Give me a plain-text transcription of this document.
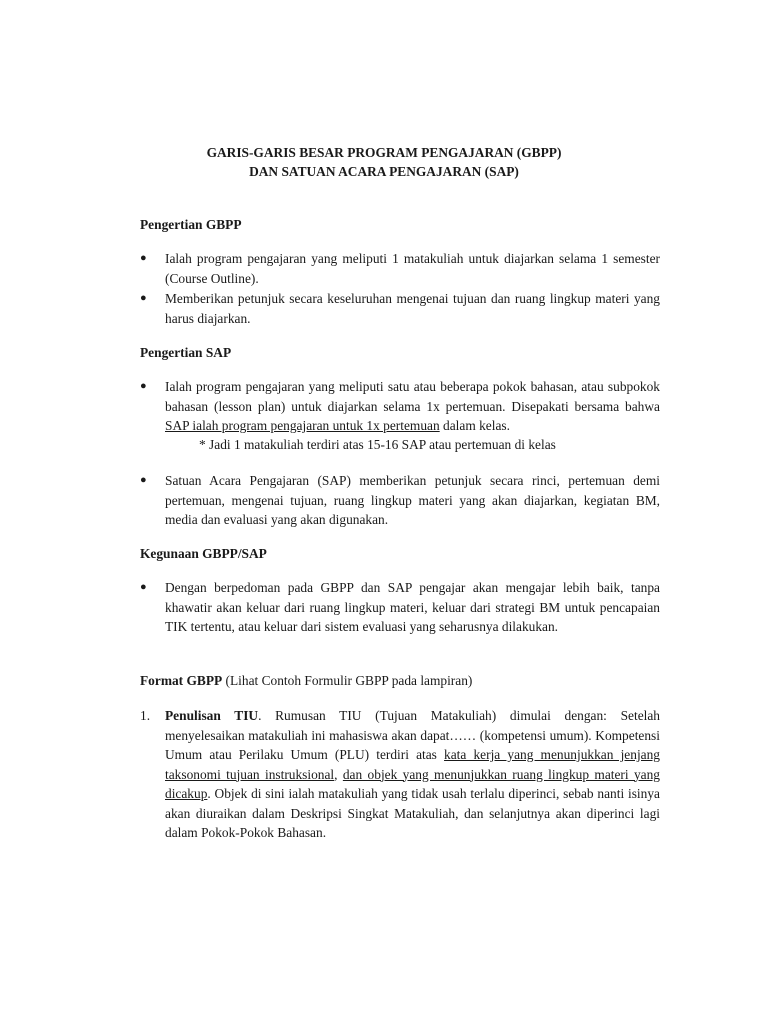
GARIS-GARIS BESAR PROGRAM PENGAJARAN (GBPP)
DAN SATUAN ACARA PENGAJARAN (SAP)
Pengertian GBPP
●	Ialah program pengajaran yang meliputi 1 matakuliah untuk diajarkan selama 1 semester (Course Outline).
●	Memberikan petunjuk secara keseluruhan mengenai tujuan dan ruang lingkup materi yang harus diajarkan.
Pengertian SAP
●	Ialah program pengajaran yang meliputi satu atau beberapa pokok bahasan, atau subpokok bahasan (lesson plan) untuk diajarkan selama 1x pertemuan. Disepakati bersama bahwa SAP ialah program pengajaran untuk 1x pertemuan dalam kelas.
* Jadi 1 matakuliah terdiri atas 15-16 SAP atau pertemuan di kelas
●	Satuan Acara Pengajaran (SAP) memberikan petunjuk secara rinci, pertemuan demi pertemuan, mengenai tujuan, ruang lingkup materi yang akan diajarkan, kegiatan BM, media dan evaluasi yang akan digunakan.
Kegunaan GBPP/SAP
●	Dengan berpedoman pada GBPP dan SAP pengajar akan mengajar lebih baik, tanpa khawatir akan keluar dari ruang lingkup materi, keluar dari strategi BM untuk pencapaian TIK tertentu, atau keluar dari sistem evaluasi yang seharusnya dilakukan.
Format GBPP (Lihat Contoh Formulir GBPP pada lampiran)
1. Penulisan TIU. Rumusan TIU (Tujuan Matakuliah) dimulai dengan: Setelah menyelesaikan matakuliah ini mahasiswa akan dapat…… (kompetensi umum). Kompetensi Umum atau Perilaku Umum (PLU) terdiri atas kata kerja yang menunjukkan jenjang taksonomi tujuan instruksional, dan objek yang menunjukkan ruang lingkup materi yang dicakup. Objek di sini ialah matakuliah yang tidak usah terlalu diperinci, sebab nanti isinya akan diuraikan dalam Deskripsi Singkat Matakuliah, dan selanjutnya akan diperinci lagi dalam Pokok-Pokok Bahasan.
